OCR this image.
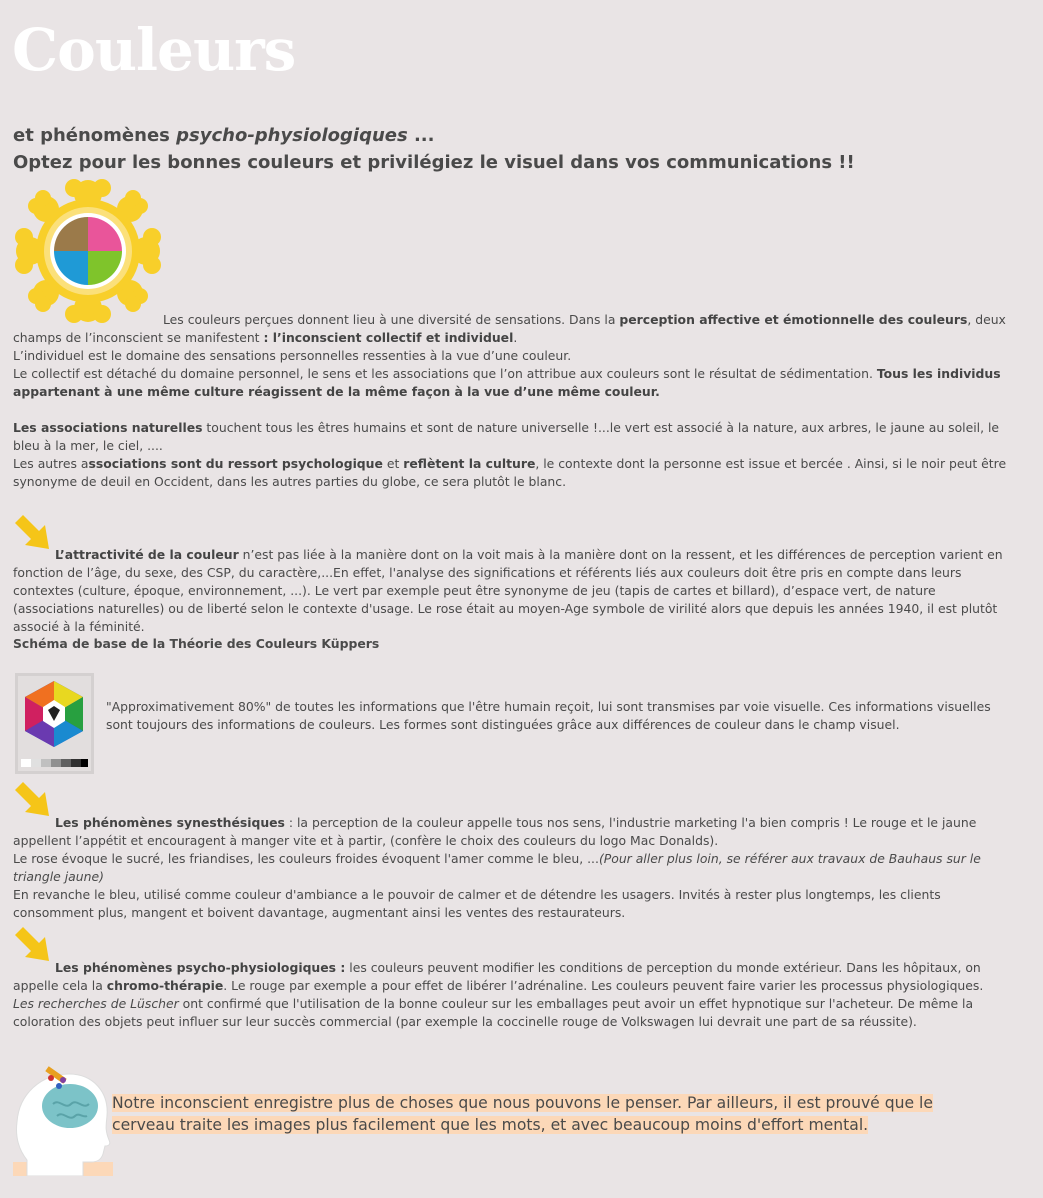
Couleurs
et phénomènes psycho-physiologiques ...
Optez pour les bonnes couleurs et privilégiez le visuel dans vos communications !!
Les couleurs perçues donnent lieu à une diversité de sensations. Dans la perception affective et émotionnelle des couleurs, deux champs de l’inconscient se manifestent : l’inconscient collectif et individuel.
L’individuel est le domaine des sensations personnelles ressenties à la vue d’une couleur.
Le collectif est détaché du domaine personnel, le sens et les associations que l’on attribue aux couleurs sont le résultat de sédimentation. Tous les individus appartenant à une même culture réagissent de la même façon à la vue d’une même couleur.
Les associations naturelles touchent tous les êtres humains et sont de nature universelle !...le vert est associé à la nature, aux arbres, le jaune au soleil, le bleu à la mer, le ciel, ....
Les autres associations sont du ressort psychologique et reflètent la culture, le contexte dont la personne est issue et bercée . Ainsi, si le noir peut être synonyme de deuil en Occident, dans les autres parties du globe, ce sera plutôt le blanc.
L’attractivité de la couleur n’est pas liée à la manière dont on la voit mais à la manière dont on la ressent, et les différences de perception varient en fonction de l’âge, du sexe, des CSP, du caractère,...En effet, l'analyse des significations et référents liés aux couleurs doit être pris en compte dans leurs contextes (culture, époque, environnement, ...). Le vert par exemple peut être synonyme de jeu (tapis de cartes et billard), d’espace vert, de nature (associations naturelles) ou de liberté selon le contexte d'usage. Le rose était au moyen-Age symbole de virilité alors que depuis les années 1940, il est plutôt associé à la féminité.
Schéma de base de la Théorie des Couleurs Küppers
"Approximativement 80%" de toutes les informations que l'être humain reçoit, lui sont transmises par voie visuelle. Ces informations visuelles sont toujours des informations de couleurs. Les formes sont distinguées grâce aux différences de couleur dans le champ visuel.
Les phénomènes synesthésiques : la perception de la couleur appelle tous nos sens, l'industrie marketing l'a bien compris ! Le rouge et le jaune appellent l’appétit et encouragent à manger vite et à partir, (confère le choix des couleurs du logo Mac Donalds).
Le rose évoque le sucré, les friandises, les couleurs froides évoquent l'amer comme le bleu, ...(Pour aller plus loin, se référer aux travaux de Bauhaus sur le triangle jaune)
En revanche le bleu, utilisé comme couleur d'ambiance a le pouvoir de calmer et de détendre les usagers. Invités à rester plus longtemps, les clients consomment plus, mangent et boivent davantage, augmentant ainsi les ventes des restaurateurs.
Les phénomènes psycho-physiologiques : les couleurs peuvent modifier les conditions de perception du monde extérieur. Dans les hôpitaux, on appelle cela la chromo-thérapie. Le rouge par exemple a pour effet de libérer l’adrénaline. Les couleurs peuvent faire varier les processus physiologiques.
Les recherches de Lüscher ont confirmé que l'utilisation de la bonne couleur sur les emballages peut avoir un effet hypnotique sur l'acheteur. De même la coloration des objets peut influer sur leur succès commercial (par exemple la coccinelle rouge de Volkswagen lui devrait une part de sa réussite).
Notre inconscient enregistre plus de choses que nous pouvons le penser. Par ailleurs, il est prouvé que le cerveau traite les images plus facilement que les mots, et avec beaucoup moins d'effort mental.
